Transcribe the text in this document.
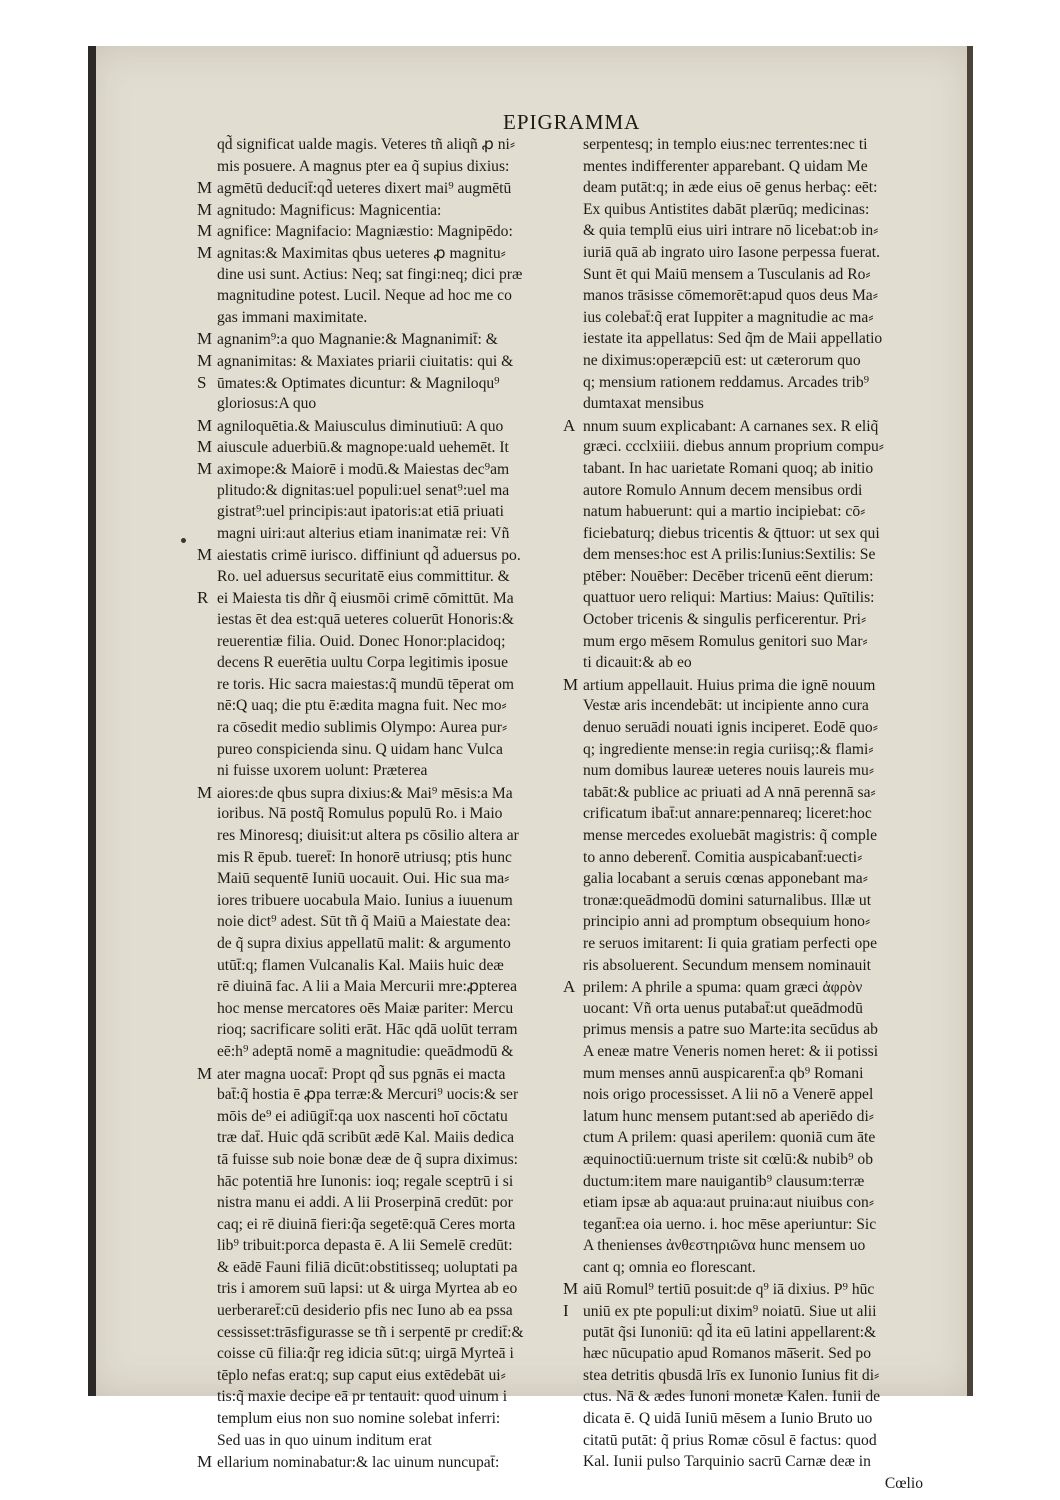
EPIGRAMMA
qd̃ significat ualde magis. Veteres tñ aliqñ ꝓ ni⸗
mis posuere. A magnus pter ea q̃ supius dixius:
M agmētū deducit̄:qd̃ ueteres dixert mai⁹ augmētū
M agnitudo: Magnificus: Magnicentia:
M agnifice: Magnifacio: Magniæstio: Magnipēdo:
M agnitas:& Maximitas qbus ueteres ꝓ magnitu⸗
dine usi sunt. Actius: Neq; sat fingi:neq; dici præ
magnitudine potest. Lucil. Neque ad hoc me co
gas immani maximitate.
M agnanim⁹:a quo Magnanie:& Magnanimit̄: &
M agnanimitas: & Maxiates priarii ciuitatis: qui &
S ūmates:& Optimates dicuntur: & Magniloqu⁹
gloriosus:A quo
M agniloquētia.& Maiusculus diminutiuū: A quo
M aiuscule aduerbiū.& magnope:uald uehemēt. It
M aximope:& Maiorē i modū.& Maiestas dec⁹am
plitudo:& dignitas:uel populi:uel senat⁹:uel ma
gistrat⁹:uel principis:aut ipatoris:at etiā priuati
magni uiri:aut alterius etiam inanimatæ rei: Vñ
M aiestatis crimē iurisco. diffiniunt qd̃ aduersus po.
Ro. uel aduersus securitatē eius committitur. &
R ei Maiesta tis dñr q̃ eiusmōi crimē cōmittūt. Ma
iestas ēt dea est:quā ueteres coluerūt Honoris:&
reuerentiæ filia. Ouid. Donec Honor:placidoq;
decens R euerētia uultu Corpa legitimis iposue
re toris. Hic sacra maiestas:q̃ mundū tēperat om
nē:Q uaq; die ptu ē:ædita magna fuit. Nec mo⸗
ra cōsedit medio sublimis Olympo: Aurea pur⸗
pureo conspicienda sinu. Q uidam hanc Vulca
ni fuisse uxorem uolunt: Præterea
M aiores:de qbus supra dixius:& Mai⁹ mēsis:a Ma
ioribus. Nā postq̃ Romulus populū Ro. i Maio
res Minoresq; diuisit:ut altera ps cōsilio altera ar
mis R ēpub. tueret̄: In honorē utriusq; ptis hunc
Maiū sequentē Iuniū uocauit. Oui. Hic sua ma⸗
iores tribuere uocabula Maio. Iunius a iuuenum
noie dict⁹ adest. Sūt tñ q̃ Maiū a Maiestate dea:
de q̃ supra dixius appellatū malit: & argumento
utūt̄:q; flamen Vulcanalis Kal. Maiis huic deæ
rē diuinā fac. A lii a Maia Mercurii mre:ꝓpterea
hoc mense mercatores oēs Maiæ pariter: Mercu
rioq; sacrificare soliti erāt. Hāc qdā uolūt terram
eē:h⁹ adeptā nomē a magnitudie: queādmodū &
M ater magna uocat̄: Propt qd̃ sus pgnās ei macta
bat̄:q̃ hostia ē ꝓpa terræ:& Mercuri⁹ uocis:& ser
mōis de⁹ ei adiūgit̄:qa uox nascenti hoī cōctatu
træ dat̄. Huic qdā scribūt ædē Kal. Maiis dedica
tā fuisse sub noie bonæ deæ de q̃ supra diximus:
hāc potentiā hre Iunonis: ioq; regale sceptrū i si
nistra manu ei addi. A lii Proserpinā credūt: por
caq; ei rē diuinā fieri:q̃a segetē:quā Ceres morta
lib⁹ tribuit:porca depasta ē. A lii Semelē credūt:
& eādē Fauni filiā dicūt:obstitisseq; uoluptati pa
tris i amorem suū lapsi: ut & uirga Myrtea ab eo
uerberaret̄:cū desiderio pfis nec Iuno ab ea pssa
cessisset:trāsfigurasse se tñ i serpentē pr credit̄:&
coisse cū filia:q̃r reg idicia sūt:q; uirgā Myrteā i
tēplo nefas erat:q; sup caput eius extēdebāt ui⸗
tis:q̃ maxie decipe eā pr tentauit: quod uinum i
templum eius non suo nomine solebat inferri:
Sed uas in quo uinum inditum erat
M ellarium nominabatur:& lac uinum nuncupat̄:
serpentesq; in templo eius:nec terrentes:nec ti
mentes indifferenter apparebant. Q uidam Me
deam putāt:q; in æde eius oē genus herbaç: eēt:
Ex quibus Antistites dabāt plærūq; medicinas:
& quia templū eius uiri intrare nō licebat:ob in⸗
iuriā quā ab ingrato uiro Iasone perpessa fuerat.
Sunt ēt qui Maiū mensem a Tusculanis ad Ro⸗
manos trāsisse cōmemorēt:apud quos deus Ma⸗
ius colebat̄:q̃ erat Iuppiter a magnitudie ac ma⸗
iestate ita appellatus: Sed q̃m de Maii appellatio
ne diximus:operæpciū est: ut cæterorum quo
q; mensium rationem reddamus. Arcades trib⁹
dumtaxat mensibus
A nnum suum explicabant: A carnanes sex. R eliq̃
græci. ccclxiiii. diebus annum proprium compu⸗
tabant. In hac uarietate Romani quoq; ab initio
autore Romulo Annum decem mensibus ordi
natum habuerunt: qui a martio incipiebat: cō⸗
ficiebaturq; diebus tricentis & q̄ttuor: ut sex qui
dem menses:hoc est A prilis:Iunius:Sextilis: Se
ptēber: Nouēber: Decēber tricenū eēnt dierum:
quattuor uero reliqui: Martius: Maius: Quītilis:
October tricenis & singulis perficerentur. Pri⸗
mum ergo mēsem Romulus genitori suo Mar⸗
ti dicauit:& ab eo
M artium appellauit. Huius prima die ignē nouum
Vestæ aris incendebāt: ut incipiente anno cura
denuo seruādi nouati ignis inciperet. Eodē quo⸗
q; ingrediente mense:in regia curiisq;:& flami⸗
num domibus laureæ ueteres nouis laureis mu⸗
tabāt:& publice ac priuati ad A nnā perennā sa⸗
crificatum ibat̄:ut annare:pennareq; liceret:hoc
mense mercedes exoluebāt magistris: q̃ comple
to anno deberent̄. Comitia auspicabant̄:uecti⸗
galia locabant a seruis cœnas apponebant ma⸗
tronæ:queādmodū domini saturnalibus. Illæ ut
principio anni ad promptum obsequium hono⸗
re seruos imitarent: Ii quia gratiam perfecti ope
ris absoluerent. Secundum mensem nominauit
A prilem: A phrile a spuma: quam græci ἀφρὸν
uocant: Vñ orta uenus putabat̄:ut queādmodū
primus mensis a patre suo Marte:ita secūdus ab
A eneæ matre Veneris nomen heret: & ii potissi
mum menses annū auspicarent̄:a qb⁹ Romani
nois origo processisset. A lii nō a Venerē appel
latum hunc mensem putant:sed ab aperiēdo di⸗
ctum A prilem: quasi aperilem: quoniā cum āte
æquinoctiū:uernum triste sit cœlū:& nubib⁹ ob
ductum:item mare nauigantib⁹ clausum:terræ
etiam ipsæ ab aqua:aut pruina:aut niuibus con⸗
tegant̄:ea oia uerno. i. hoc mēse aperiuntur: Sic
A thenienses ἀνθεστηριῶνα hunc mensem uo
cant q; omnia eo florescant.
M aiū Romul⁹ tertiū posuit:de q⁹ iā dixius. P⁹ hūc
I uniū ex pte populi:ut dixim⁹ noiatū. Siue ut alii
putāt q̃si Iunoniū: qd̃ ita eū latini appellarent:&
hæc nūcupatio apud Romanos mā̄serit. Sed po
stea detritis qbusdā lrīs ex Iunonio Iunius fit di⸗
ctus. Nā & ædes Iunoni monetæ Kalen. Iunii de
dicata ē. Q uidā Iuniū mēsem a Iunio Bruto uo
citatū putāt: q̃ prius Romæ cōsul ē factus: quod
Kal. Iunii pulso Tarquinio sacrū Carnæ deæ in
Cœlio
